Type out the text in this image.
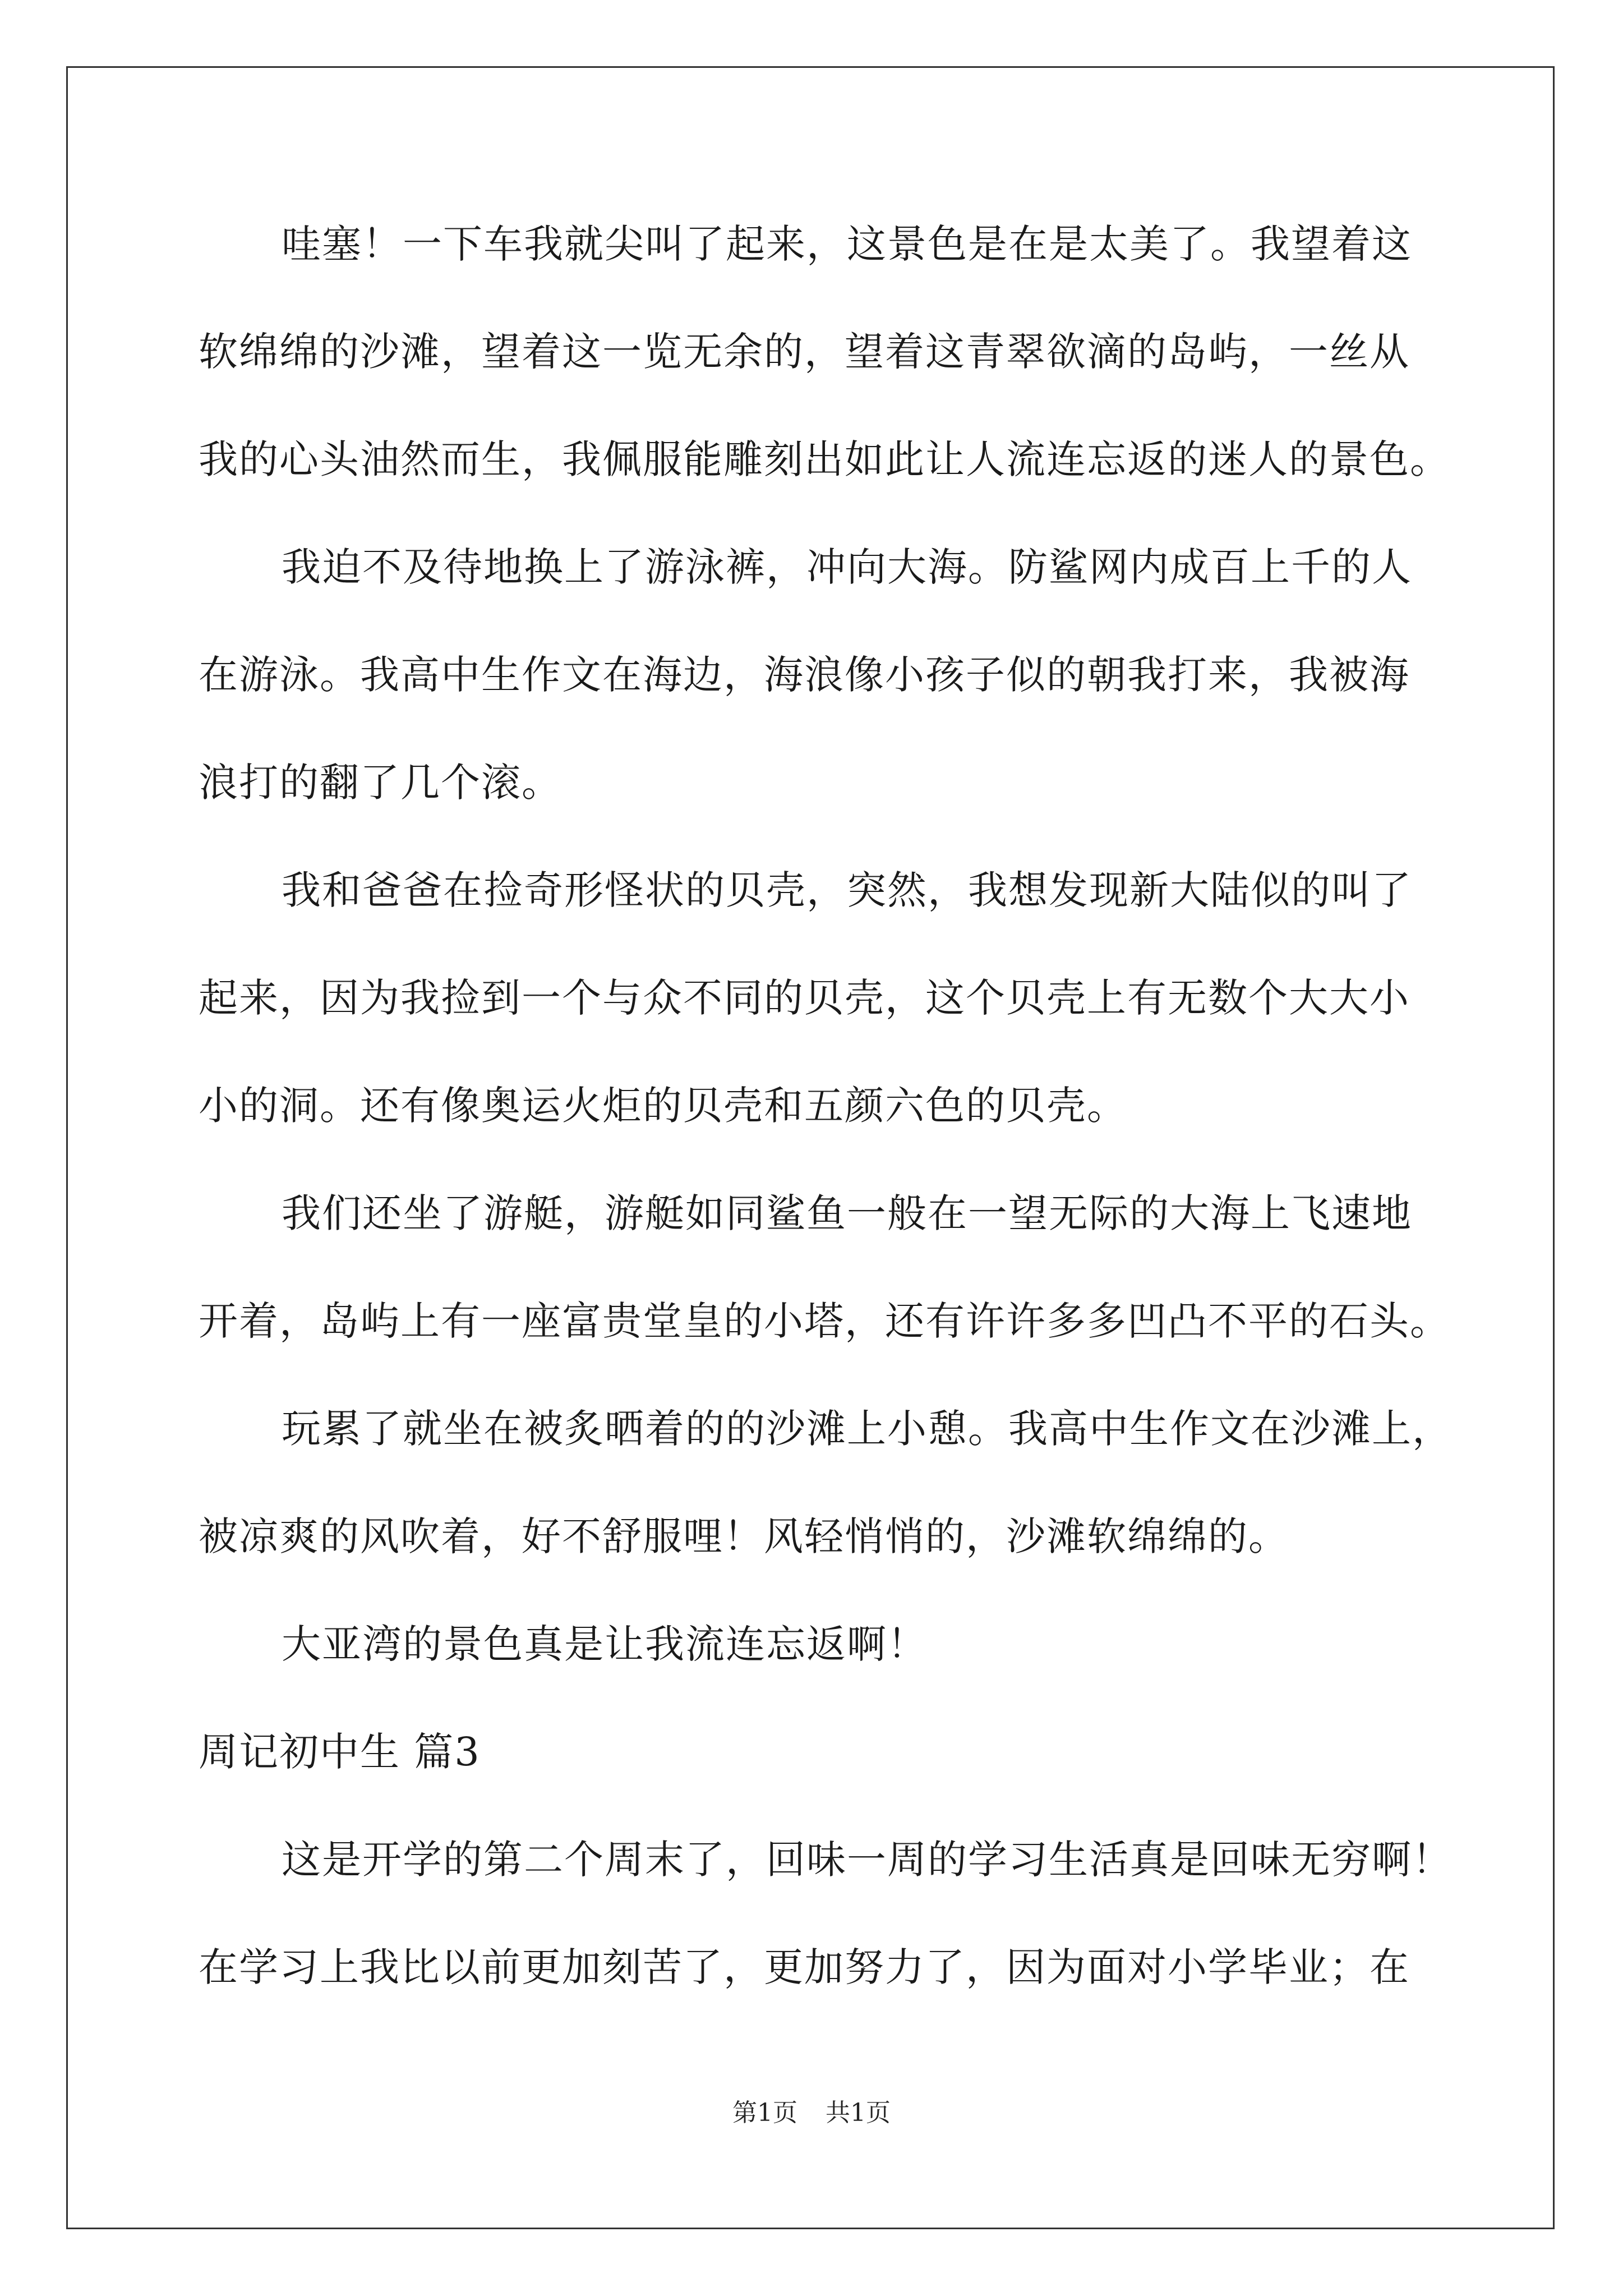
哇塞！一下车我就尖叫了起来，这景色是在是太美了。我望着这
软绵绵的沙滩，望着这一览无余的，望着这青翠欲滴的岛屿，一丝从
我的心头油然而生，我佩服能雕刻出如此让人流连忘返的迷人的景色。
我迫不及待地换上了游泳裤，冲向大海。防鲨网内成百上千的人
在游泳。我高中生作文在海边，海浪像小孩子似的朝我打来，我被海
浪打的翻了几个滚。
我和爸爸在捡奇形怪状的贝壳，突然，我想发现新大陆似的叫了
起来，因为我捡到一个与众不同的贝壳，这个贝壳上有无数个大大小
小的洞。还有像奥运火炬的贝壳和五颜六色的贝壳。
我们还坐了游艇，游艇如同鲨鱼一般在一望无际的大海上飞速地
开着，岛屿上有一座富贵堂皇的小塔，还有许许多多凹凸不平的石头。
玩累了就坐在被炙晒着的的沙滩上小憩。我高中生作文在沙滩上，
被凉爽的风吹着，好不舒服哩！风轻悄悄的，沙滩软绵绵的。
大亚湾的景色真是让我流连忘返啊！
周记初中生 篇3
这是开学的第二个周末了，回味一周的学习生活真是回味无穷啊！
在学习上我比以前更加刻苦了，更加努力了，因为面对小学毕业；在
第1页 共1页
